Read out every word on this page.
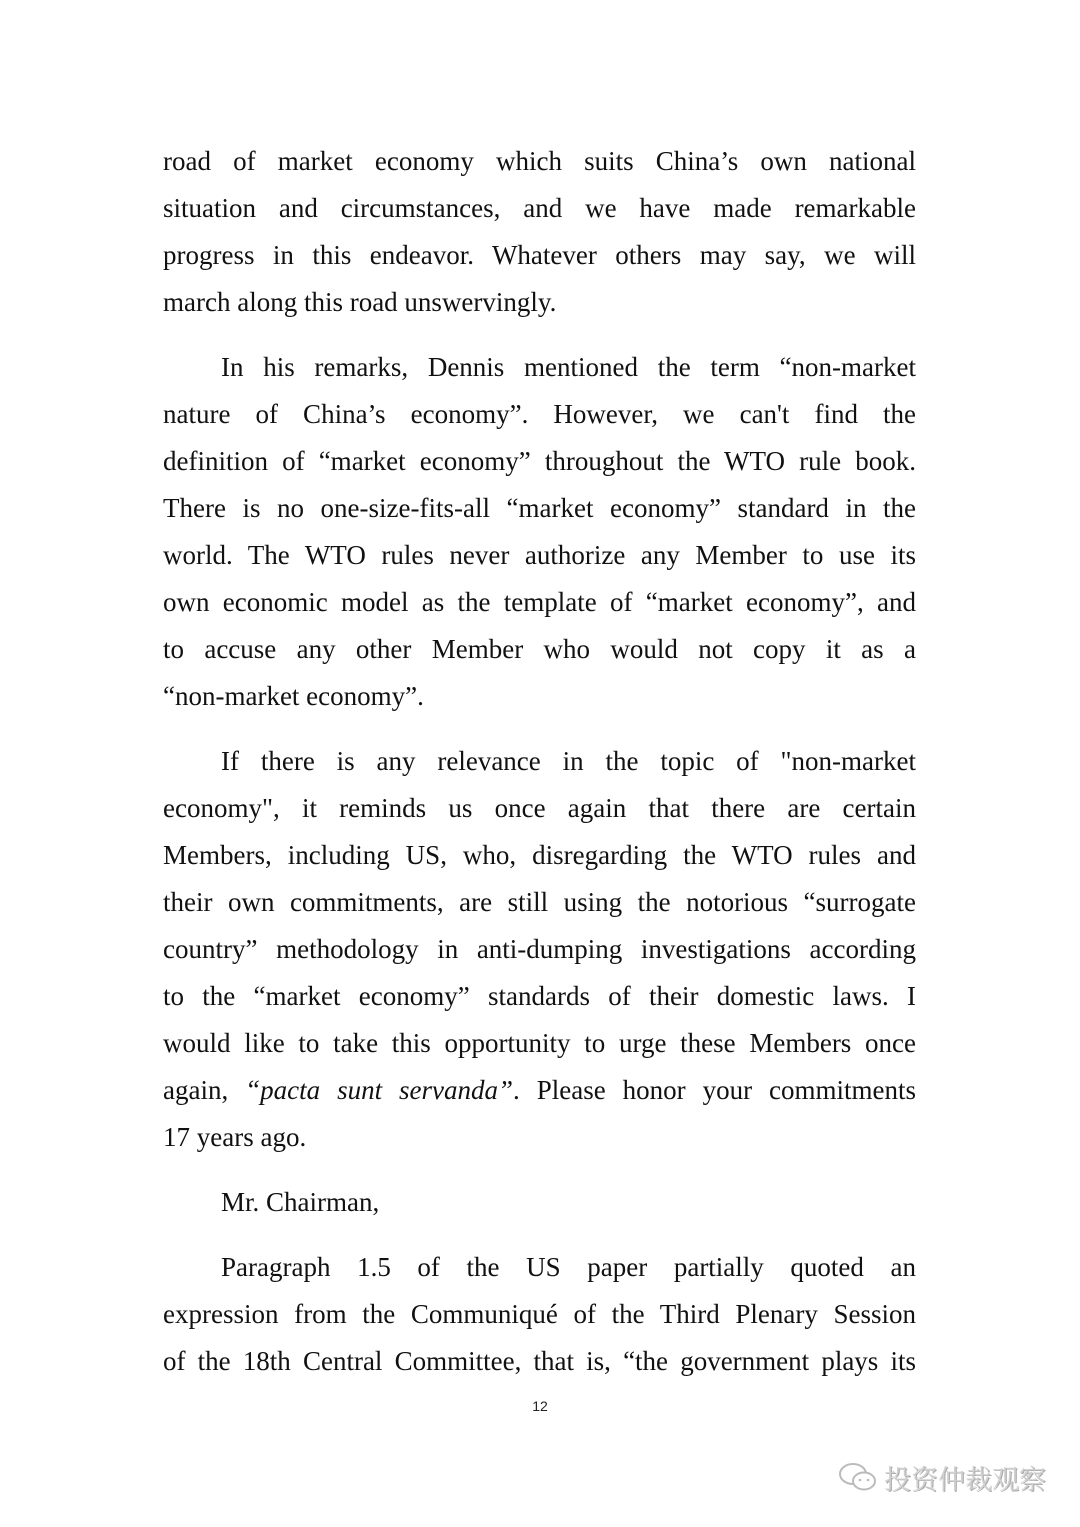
road of market economy which suits China’s own national
situation and circumstances, and we have made remarkable
progress in this endeavor. Whatever others may say, we will
march along this road unswervingly.
In his remarks, Dennis mentioned the term “non-market
nature of China’s economy”. However, we can't find the
definition of “market economy” throughout the WTO rule book.
There is no one-size-fits-all “market economy” standard in the
world. The WTO rules never authorize any Member to use its
own economic model as the template of “market economy”, and
to accuse any other Member who would not copy it as a
“non-market economy”.
If there is any relevance in the topic of "non-market
economy", it reminds us once again that there are certain
Members, including US, who, disregarding the WTO rules and
their own commitments, are still using the notorious “surrogate
country” methodology in anti-dumping investigations according
to the “market economy” standards of their domestic laws. I
would like to take this opportunity to urge these Members once
again, “pacta sunt servanda”. Please honor your commitments
17 years ago.
Mr. Chairman,
Paragraph 1.5 of the US paper partially quoted an
expression from the Communiqué of the Third Plenary Session
of the 18th Central Committee, that is, “the government plays its
12
投资仲裁观察
